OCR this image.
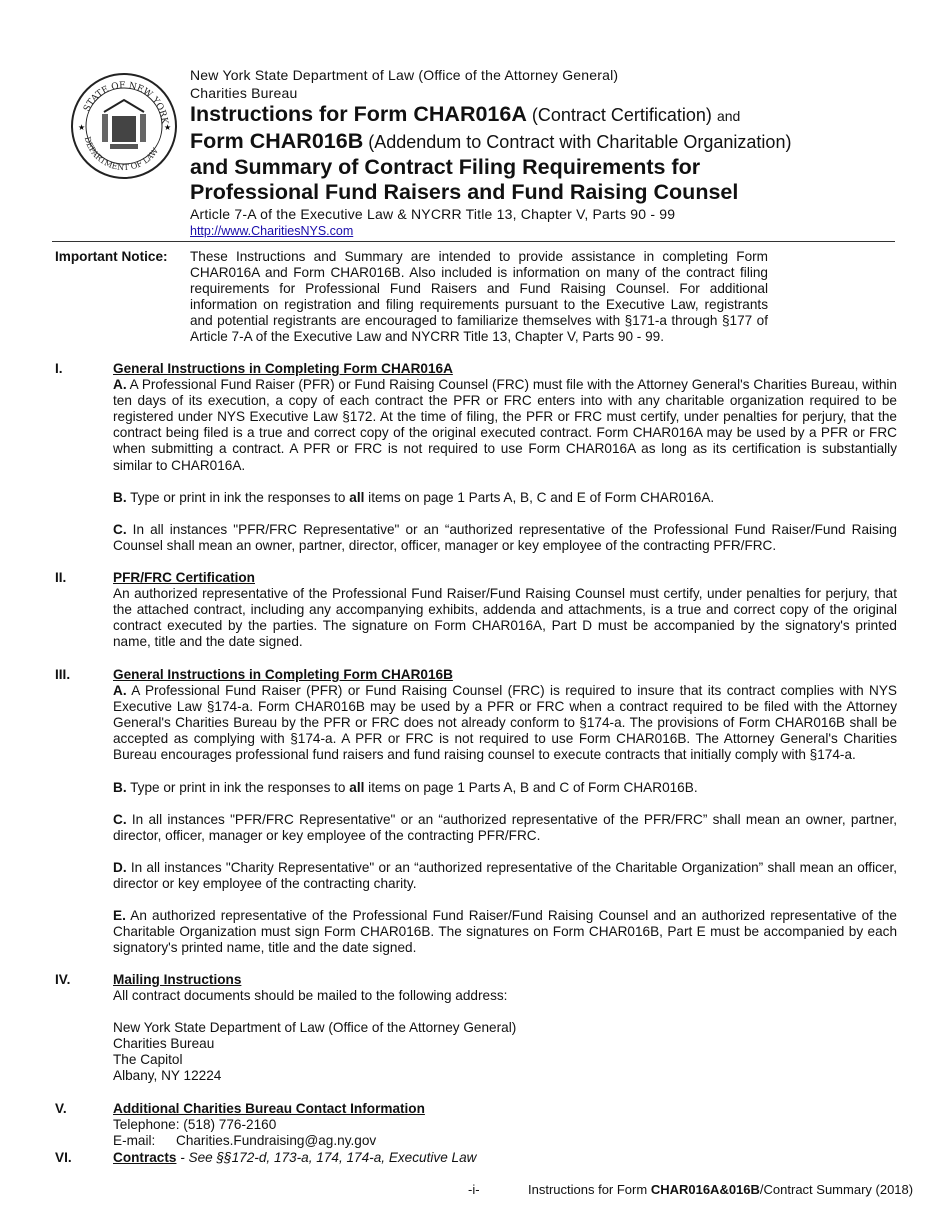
STATE OF NEW YORK
DEPARTMENT OF LAW
★	★
New York State Department of Law (Office of the Attorney General)
Charities Bureau
Instructions for Form CHAR016A (Contract Certification) and
Form CHAR016B (Addendum to Contract with Charitable Organization)
and Summary of Contract Filing Requirements for
Professional Fund Raisers and Fund Raising Counsel
Article 7-A of the Executive Law & NYCRR Title 13, Chapter V, Parts 90 - 99
http://www.CharitiesNYS.com
Important Notice: These Instructions and Summary are intended to provide assistance in completing Form CHAR016A and Form CHAR016B. Also included is information on many of the contract filing requirements for Professional Fund Raisers and Fund Raising Counsel. For additional information on registration and filing requirements pursuant to the Executive Law, registrants and potential registrants are encouraged to familiarize themselves with §171-a through §177 of Article 7-A of the Executive Law and NYCRR Title 13, Chapter V, Parts 90 - 99.

I.	General Instructions in Completing Form CHAR016A

A. A Professional Fund Raiser (PFR) or Fund Raising Counsel (FRC) must file with the Attorney General's Charities Bureau, within ten days of its execution, a copy of each contract the PFR or FRC enters into with any charitable organization required to be registered under NYS Executive Law §172. At the time of filing, the PFR or FRC must certify, under penalties for perjury, that the contract being filed is a true and correct copy of the original executed contract. Form CHAR016A may be used by a PFR or FRC when submitting a contract. A PFR or FRC is not required to use Form CHAR016A as long as its certification is substantially similar to CHAR016A.

B. Type or print in ink the responses to all items on page 1 Parts A, B, C and E of Form CHAR016A.

C. In all instances "PFR/FRC Representative" or an “authorized representative of the Professional Fund Raiser/Fund Raising Counsel shall mean an owner, partner, director, officer, manager or key employee of the contracting PFR/FRC.

II.	PFR/FRC Certification

An authorized representative of the Professional Fund Raiser/Fund Raising Counsel must certify, under penalties for perjury, that the attached contract, including any accompanying exhibits, addenda and attachments, is a true and correct copy of the original contract executed by the parties. The signature on Form CHAR016A, Part D must be accompanied by the signatory's printed name, title and the date signed.

III.	General Instructions in Completing Form CHAR016B

A. A Professional Fund Raiser (PFR) or Fund Raising Counsel (FRC) is required to insure that its contract complies with NYS Executive Law §174-a. Form CHAR016B may be used by a PFR or FRC when a contract required to be filed with the Attorney General's Charities Bureau by the PFR or FRC does not already conform to §174-a. The provisions of Form CHAR016B shall be accepted as complying with §174-a. A PFR or FRC is not required to use Form CHAR016B. The Attorney General's Charities Bureau encourages professional fund raisers and fund raising counsel to execute contracts that initially comply with §174-a.

B. Type or print in ink the responses to all items on page 1 Parts A, B and C of Form CHAR016B.

C. In all instances "PFR/FRC Representative" or an “authorized representative of the PFR/FRC” shall mean an owner, partner, director, officer, manager or key employee of the contracting PFR/FRC.

D. In all instances "Charity Representative" or an “authorized representative of the Charitable Organization” shall mean an officer, director or key employee of the contracting charity.

E. An authorized representative of the Professional Fund Raiser/Fund Raising Counsel and an authorized representative of the Charitable Organization must sign Form CHAR016B. The signatures on Form CHAR016B, Part E must be accompanied by each signatory's printed name, title and the date signed.

IV.	Mailing Instructions

All contract documents should be mailed to the following address:

New York State Department of Law (Office of the Attorney General)
Charities Bureau
The Capitol
Albany, NY 12224
V.	Additional Charities Bureau Contact Information
Telephone: (518) 776-2160
E-mail: Charities.Fundraising@ag.ny.gov
VI.	Contracts - See §§172-d, 173-a, 174, 174-a, Executive Law
-i-	Instructions for Form CHAR016A&016B/Contract Summary (2018)
